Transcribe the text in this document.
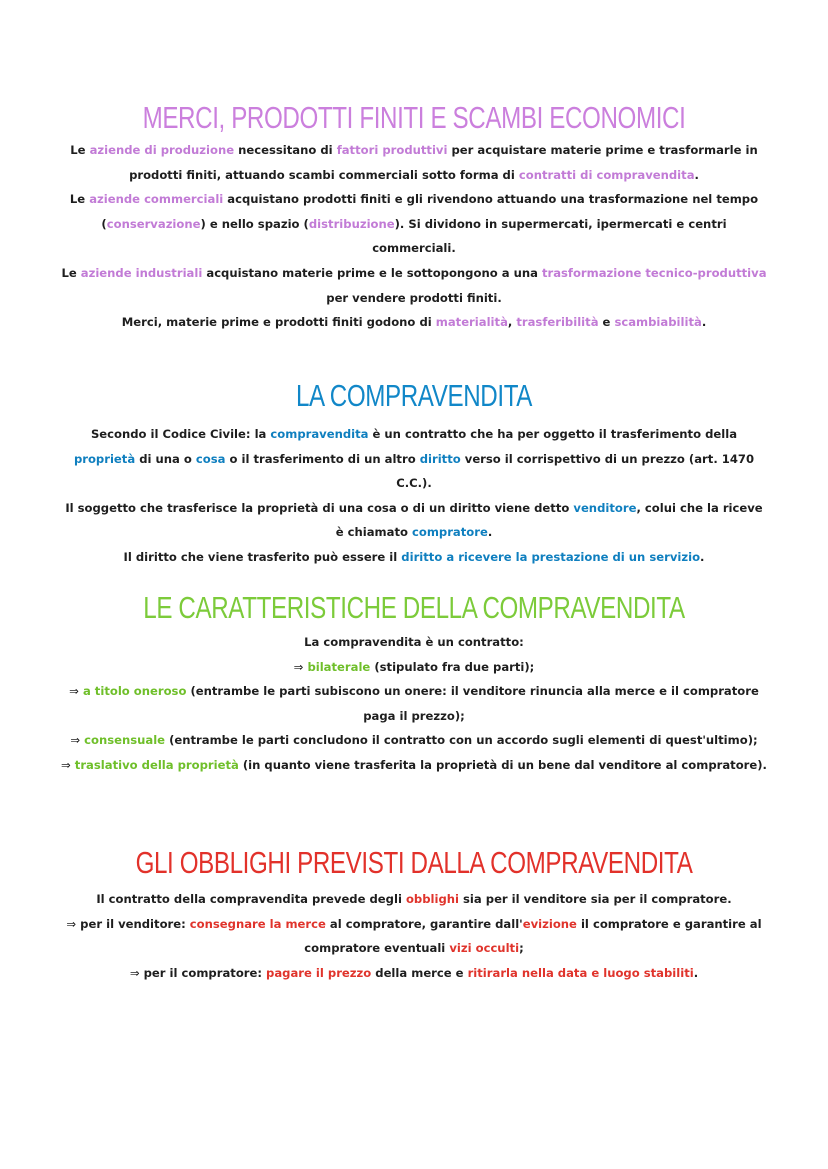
MERCI, PRODOTTI FINITI E SCAMBI ECONOMICI

Le aziende di produzione necessitano di fattori produttivi per acquistare materie prime e trasformarle in prodotti finiti, attuando scambi commerciali sotto forma di contratti di compravendita.

Le aziende commerciali acquistano prodotti finiti e gli rivendono attuando una trasformazione nel tempo (conservazione) e nello spazio (distribuzione). Si dividono in supermercati, ipermercati e centri commerciali.

Le aziende industriali acquistano materie prime e le sottopongono a una trasformazione tecnico-produttiva per vendere prodotti finiti.

Merci, materie prime e prodotti finiti godono di materialità, trasferibilità e scambiabilità.

LA COMPRAVENDITA

Secondo il Codice Civile: la compravendita è un contratto che ha per oggetto il trasferimento della proprietà di una o cosa o il trasferimento di un altro diritto verso il corrispettivo di un prezzo (art. 1470 C.C.).

Il soggetto che trasferisce la proprietà di una cosa o di un diritto viene detto venditore, colui che la riceve è chiamato compratore.

Il diritto che viene trasferito può essere il diritto a ricevere la prestazione di un servizio.

LE CARATTERISTICHE DELLA COMPRAVENDITA

La compravendita è un contratto:

⇒ bilaterale (stipulato fra due parti);

⇒ a titolo oneroso (entrambe le parti subiscono un onere: il venditore rinuncia alla merce e il compratore paga il prezzo);

⇒ consensuale (entrambe le parti concludono il contratto con un accordo sugli elementi di quest'ultimo);

⇒ traslativo della proprietà (in quanto viene trasferita la proprietà di un bene dal venditore al compratore).

GLI OBBLIGHI PREVISTI DALLA COMPRAVENDITA

Il contratto della compravendita prevede degli obblighi sia per il venditore sia per il compratore.

⇒ per il venditore: consegnare la merce al compratore, garantire dall'evizione il compratore e garantire al compratore eventuali vizi occulti;

⇒ per il compratore: pagare il prezzo della merce e ritirarla nella data e luogo stabiliti.
